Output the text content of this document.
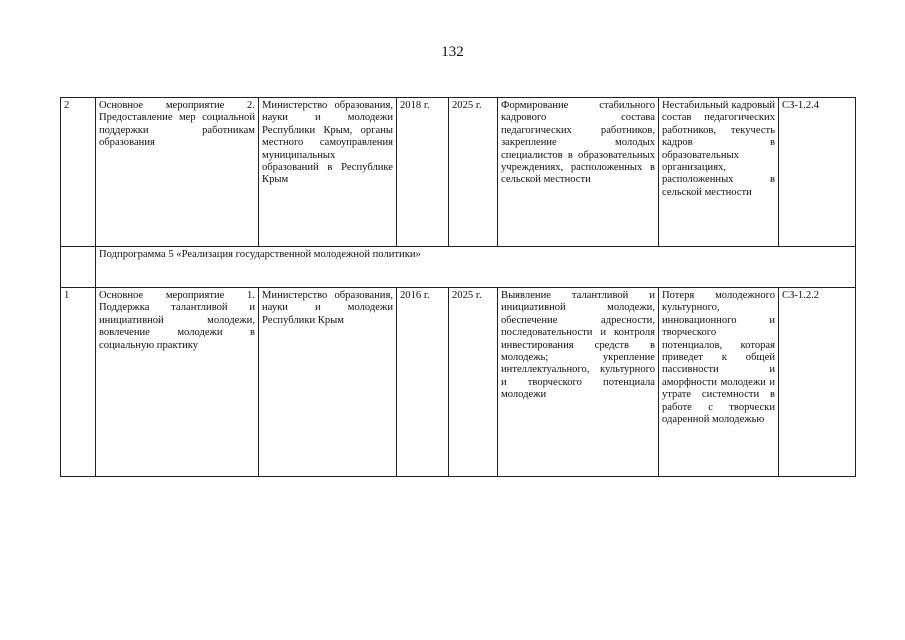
132
2	Основное мероприятие 2. Предоставление мер социальной поддержки работникам образования	Министерство образования, науки и молодежи Республики Крым, органы местного самоуправления муниципальных образований в Республике Крым	2018 г.	2025 г.	Формирование стабильного кадрового состава педагогических работников, закрепление молодых специалистов в образовательных учреждениях, расположенных в сельской местности	Нестабильный кадровый состав педагогических работников, текучесть кадров в образовательных организациях, расположенных в сельской местности	СЗ-1.2.4
	Подпрограмма 5 «Реализация государственной молодежной политики»						
1	Основное мероприятие 1. Поддержка талантливой и инициативной молодежи, вовлечение молодежи в социальную практику	Министерство образования, науки и молодежи Республики Крым	2016 г.	2025 г.	Выявление талантливой и инициативной молодежи, обеспечение адресности, последовательности и контроля инвестирования средств в молодежь; укрепление интеллектуального, культурного и творческого потенциала молодежи	Потеря молодежного культурного, инновационного и творческого потенциалов, которая приведет к общей пассивности и аморфности молодежи и утрате системности в работе с творчески одаренной молодежью	СЗ-1.2.2
